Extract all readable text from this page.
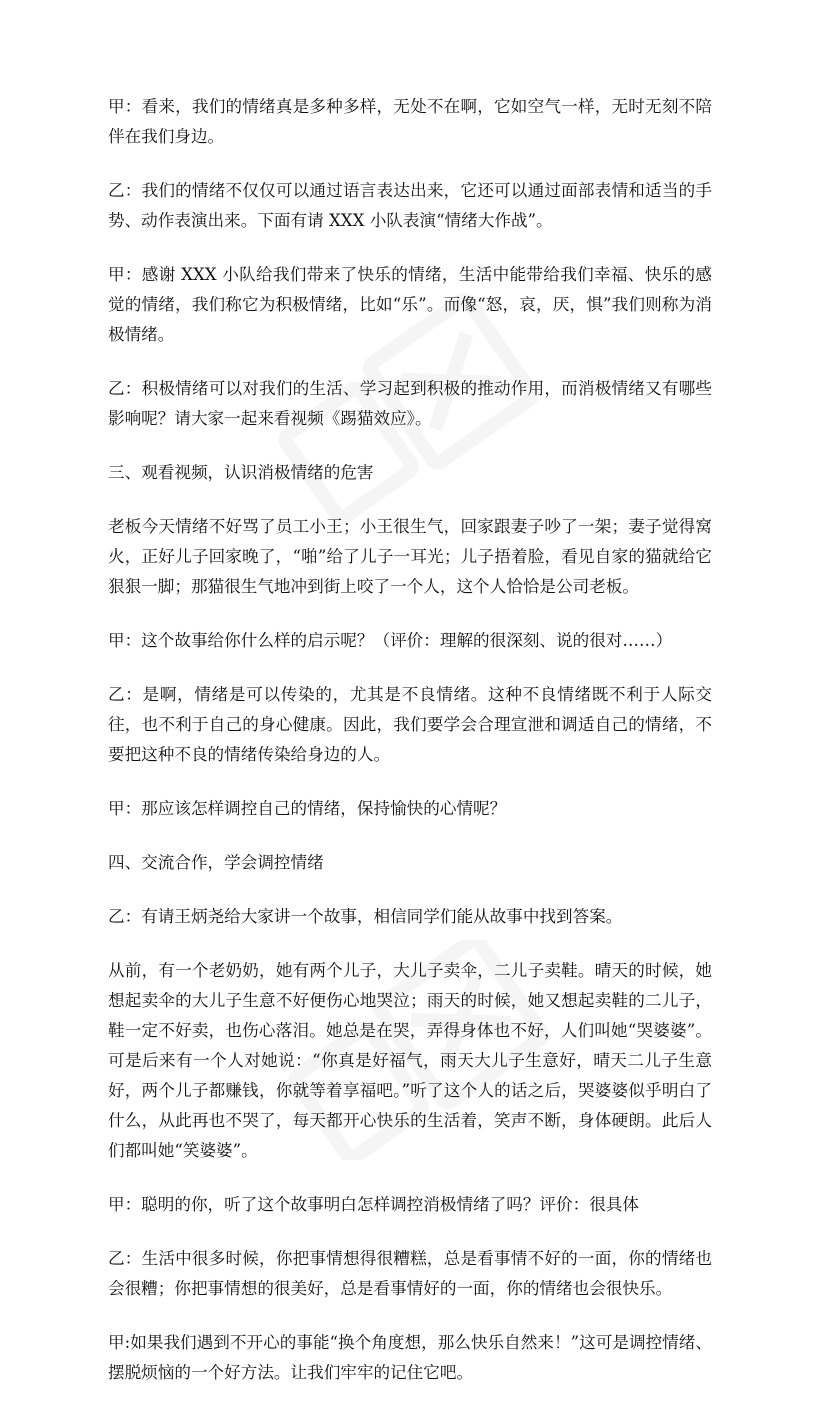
甲：看来，我们的情绪真是多种多样，无处不在啊，它如空气一样，无时无刻不陪伴在我们身边。

乙：我们的情绪不仅仅可以通过语言表达出来，它还可以通过面部表情和适当的手势、动作表演出来。下面有请 XXX 小队表演“情绪大作战”。

甲：感谢 XXX 小队给我们带来了快乐的情绪，生活中能带给我们幸福、快乐的感觉的情绪，我们称它为积极情绪，比如“乐”。而像“怒，哀，厌，惧”我们则称为消极情绪。

乙：积极情绪可以对我们的生活、学习起到积极的推动作用，而消极情绪又有哪些影响呢？请大家一起来看视频《踢猫效应》。

三、观看视频，认识消极情绪的危害

老板今天情绪不好骂了员工小王；小王很生气，回家跟妻子吵了一架；妻子觉得窝火，正好儿子回家晚了，“啪”给了儿子一耳光；儿子捂着脸，看见自家的猫就给它狠狠一脚；那猫很生气地冲到街上咬了一个人，这个人恰恰是公司老板。

甲：这个故事给你什么样的启示呢？（评价：理解的很深刻、说的很对……）

乙：是啊，情绪是可以传染的，尤其是不良情绪。这种不良情绪既不利于人际交往，也不利于自己的身心健康。因此，我们要学会合理宣泄和调适自己的情绪，不要把这种不良的情绪传染给身边的人。

甲：那应该怎样调控自己的情绪，保持愉快的心情呢？

四、交流合作，学会调控情绪

乙：有请王炳尧给大家讲一个故事，相信同学们能从故事中找到答案。

从前，有一个老奶奶，她有两个儿子，大儿子卖伞，二儿子卖鞋。晴天的时候，她想起卖伞的大儿子生意不好便伤心地哭泣；雨天的时候，她又想起卖鞋的二儿子，鞋一定不好卖，也伤心落泪。她总是在哭，弄得身体也不好，人们叫她“哭婆婆”。可是后来有一个人对她说：“你真是好福气，雨天大儿子生意好，晴天二儿子生意好，两个儿子都赚钱，你就等着享福吧。”听了这个人的话之后，哭婆婆似乎明白了什么，从此再也不哭了，每天都开心快乐的生活着，笑声不断，身体硬朗。此后人们都叫她“笑婆婆”。

甲：聪明的你，听了这个故事明白怎样调控消极情绪了吗？评价：很具体

乙：生活中很多时候，你把事情想得很糟糕，总是看事情不好的一面，你的情绪也会很糟；你把事情想的很美好，总是看事情好的一面，你的情绪也会很快乐。

甲:如果我们遇到不开心的事能“换个角度想，那么快乐自然来！”这可是调控情绪、摆脱烦恼的一个好方法。让我们牢牢的记住它吧。
